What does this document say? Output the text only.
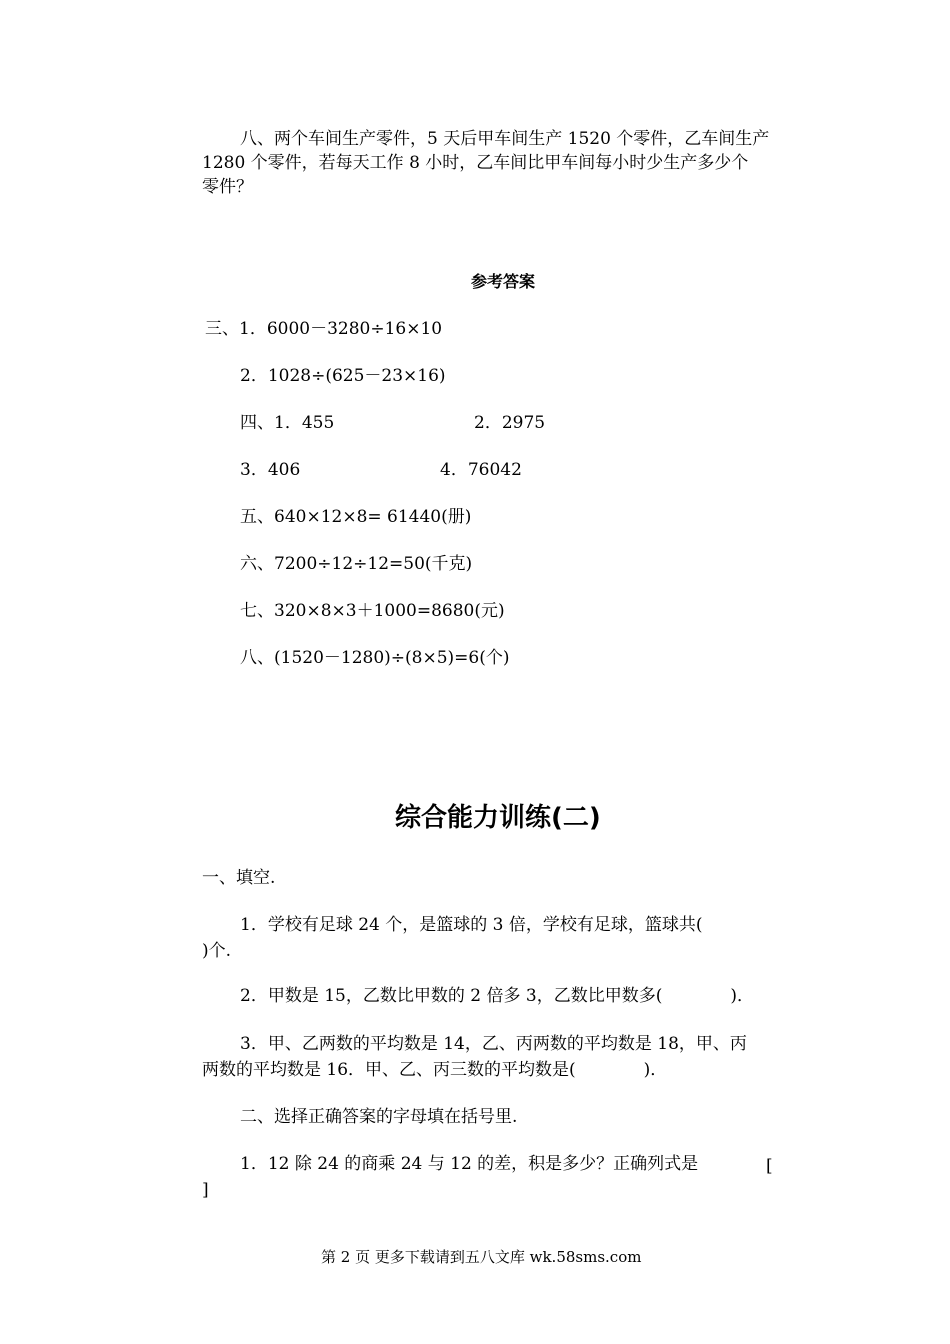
八、两个车间生产零件，5 天后甲车间生产 1520 个零件，乙车间生产
1280 个零件，若每天工作 8 小时，乙车间比甲车间每小时少生产多少个
零件？
参考答案
三、1．6000－3280÷16×10
2．1028÷(625－23×16)
四、1．455	2．2975
3．406	4．76042
五、640×12×8= 61440(册)
六、7200÷12÷12=50(千克)
七、320×8×3＋1000=8680(元)
八、(1520－1280)÷(8×5)=6(个)
综合能力训练(二)
一、填空.
1．学校有足球 24 个，是篮球的 3 倍，学校有足球，篮球共(
)个.
2．甲数是 15，乙数比甲数的 2 倍多 3，乙数比甲数多(　　　　)．
3．甲、乙两数的平均数是 14，乙、丙两数的平均数是 18，甲、丙
两数的平均数是 16．甲、乙、丙三数的平均数是(　　　　)．
二、选择正确答案的字母填在括号里.
1．12 除 24 的商乘 24 与 12 的差，积是多少？正确列式是	[
]
第 2 页 更多下载请到五八文库 wk.58sms.com
